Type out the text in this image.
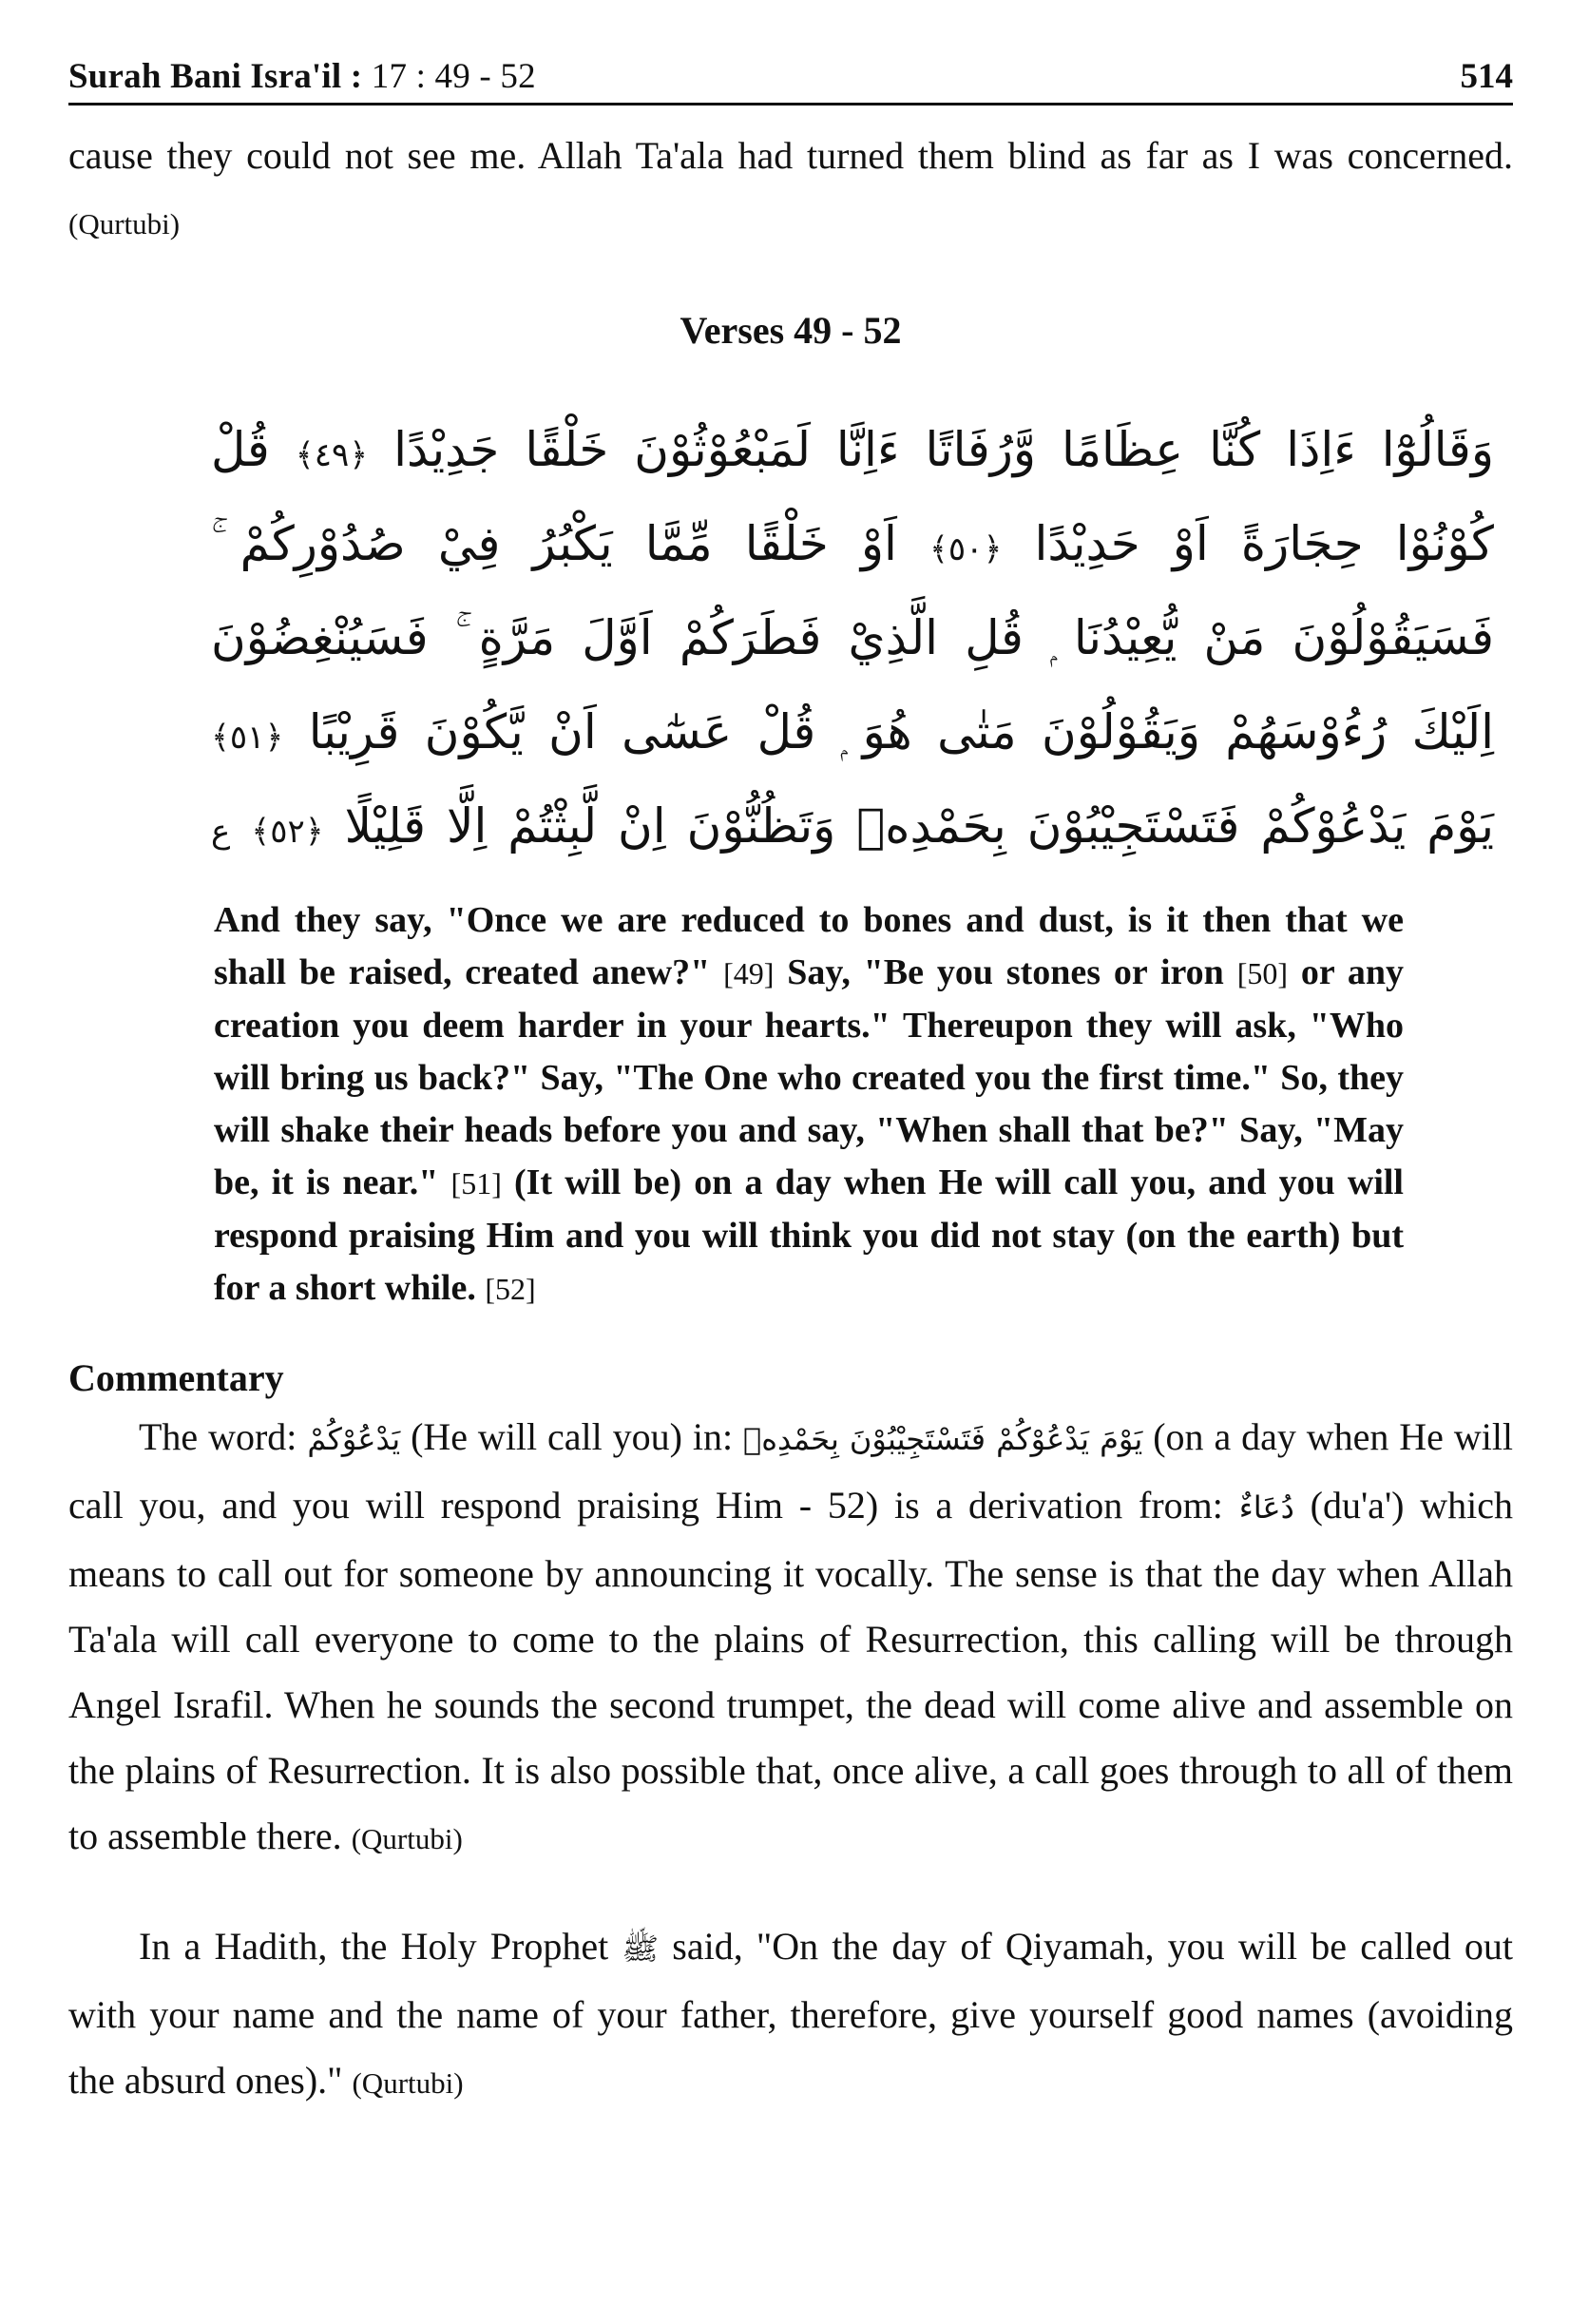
Surah Bani Isra'il : 17 : 49 - 52	514

cause they could not see me. Allah Ta'ala had turned them blind as far as I was concerned. (Qurtubi)

Verses 49 - 52
وَقَالُوْٓا ءَاِذَا كُنَّا عِظَامًا وَّرُفَاتًا ءَاِنَّا لَمَبْعُوْثُوْنَ خَلْقًا جَدِيْدًا ﴿٤٩﴾ قُلْ
كُوْنُوْا حِجَارَةً اَوْ حَدِيْدًا ﴿٥٠﴾ اَوْ خَلْقًا مِّمَّا يَكْبُرُ فِيْ صُدُوْرِكُمْ ۚ
فَسَيَقُوْلُوْنَ مَنْ يُّعِيْدُنَا ۭ قُلِ الَّذِيْ فَطَرَكُمْ اَوَّلَ مَرَّةٍ ۚ فَسَيُنْغِضُوْنَ
اِلَيْكَ رُءُوْسَهُمْ وَيَقُوْلُوْنَ مَتٰى هُوَ ۭ قُلْ عَسٰٓى اَنْ يَّكُوْنَ قَرِيْبًا ﴿٥١﴾
يَوْمَ يَدْعُوْكُمْ فَتَسْتَجِيْبُوْنَ بِحَمْدِهٖ وَتَظُنُّوْنَ اِنْ لَّبِثْتُمْ اِلَّا قَلِيْلًا ﴿٥٢﴾ ع

And they say, "Once we are reduced to bones and dust, is it then that we shall be raised, created anew?" [49] Say, "Be you stones or iron [50] or any creation you deem harder in your hearts." Thereupon they will ask, "Who will bring us back?" Say, "The One who created you the first time." So, they will shake their heads before you and say, "When shall that be?" Say, "May be, it is near." [51] (It will be) on a day when He will call you, and you will respond praising Him and you will think you did not stay (on the earth) but for a short while. [52]

Commentary

The word: يَدْعُوْكُمْ (He will call you) in: يَوْمَ يَدْعُوْكُمْ فَتَسْتَجِيْبُوْنَ بِحَمْدِهٖ (on a day when He will call you, and you will respond praising Him - 52) is a derivation from: دُعَاءٌ (du'a') which means to call out for someone by announcing it vocally. The sense is that the day when Allah Ta'ala will call everyone to come to the plains of Resurrection, this calling will be through Angel Israfil. When he sounds the second trumpet, the dead will come alive and assemble on the plains of Resurrection. It is also possible that, once alive, a call goes through to all of them to assemble there. (Qurtubi)

In a Hadith, the Holy Prophet ﷺ said, "On the day of Qiyamah, you will be called out with your name and the name of your father, therefore, give yourself good names (avoiding the absurd ones)." (Qurtubi)
